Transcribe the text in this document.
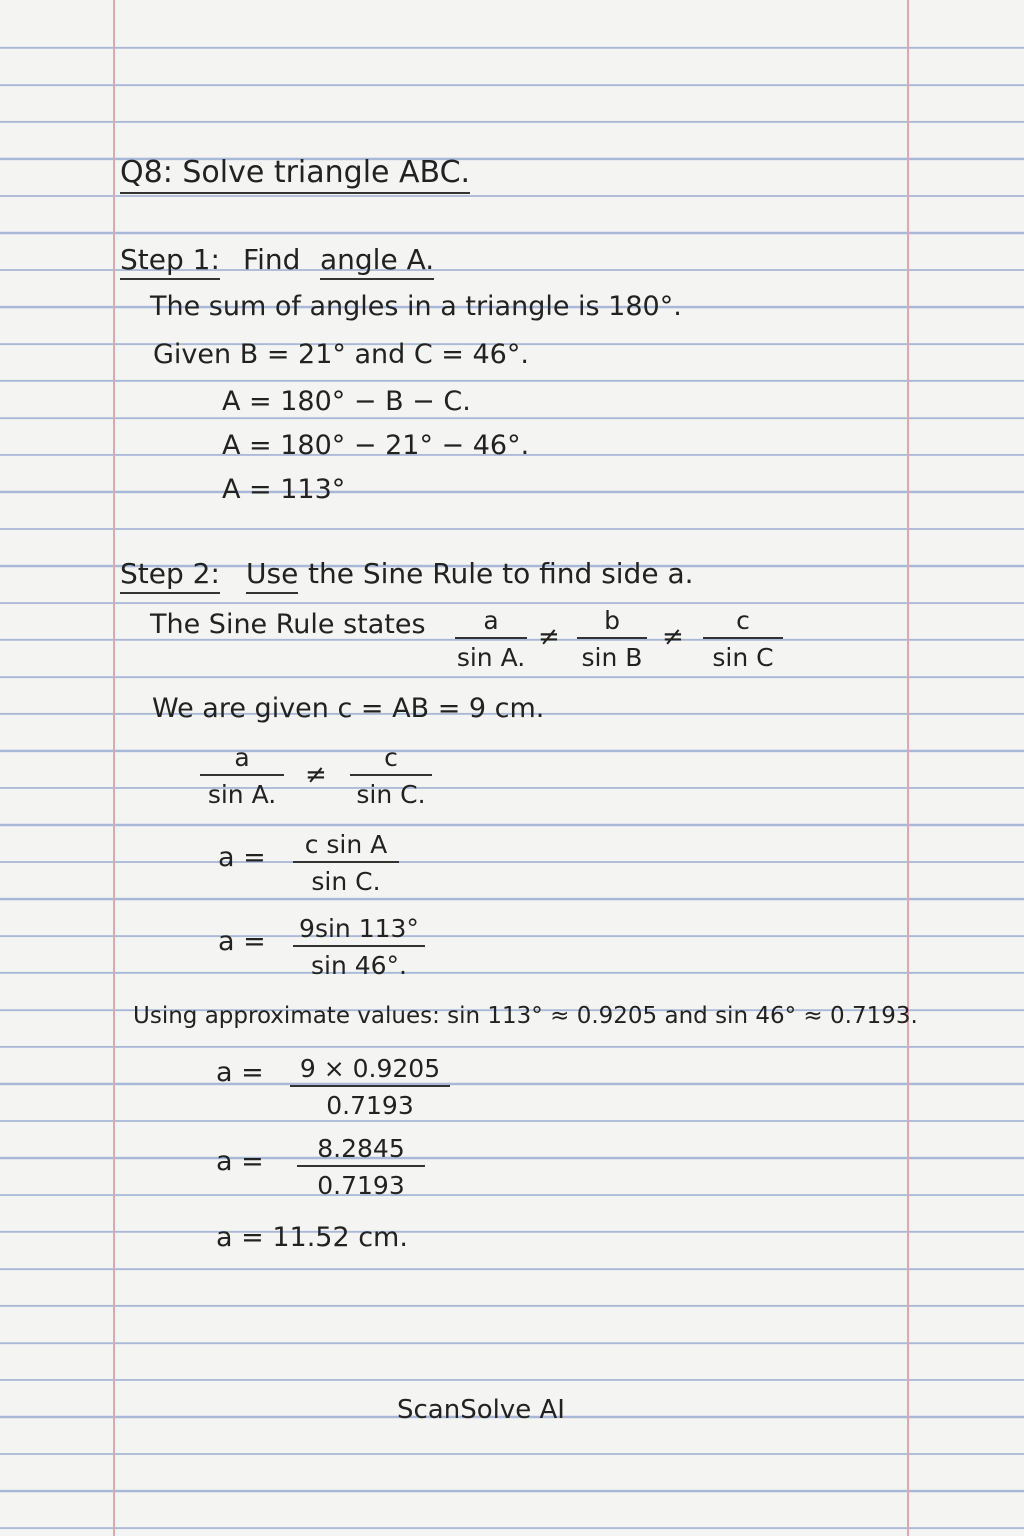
Q8: Solve triangle ABC.
Step 1: Find angle A.
The sum of angles in a triangle is 180°.
Given B = 21° and C = 46°.
A = 180° − B − C.
A = 180° − 21° − 46°.
A = 113°
Step 2: Use the Sine Rule to find side a.
The Sine Rule states a
sin A.
≠
b
sin B
≠
c
sin C
We are given c = AB = 9 cm.
a
sin A.
≠
c
sin C.
a = c sin A
sin C.
a = 9sin 113°
sin 46°.
Using approximate values: sin 113° ≈ 0.9205 and sin 46° ≈ 0.7193.
a = 9 × 0.9205
0.7193
a = 8.2845
0.7193
a = 11.52 cm.
ScanSolve AI
